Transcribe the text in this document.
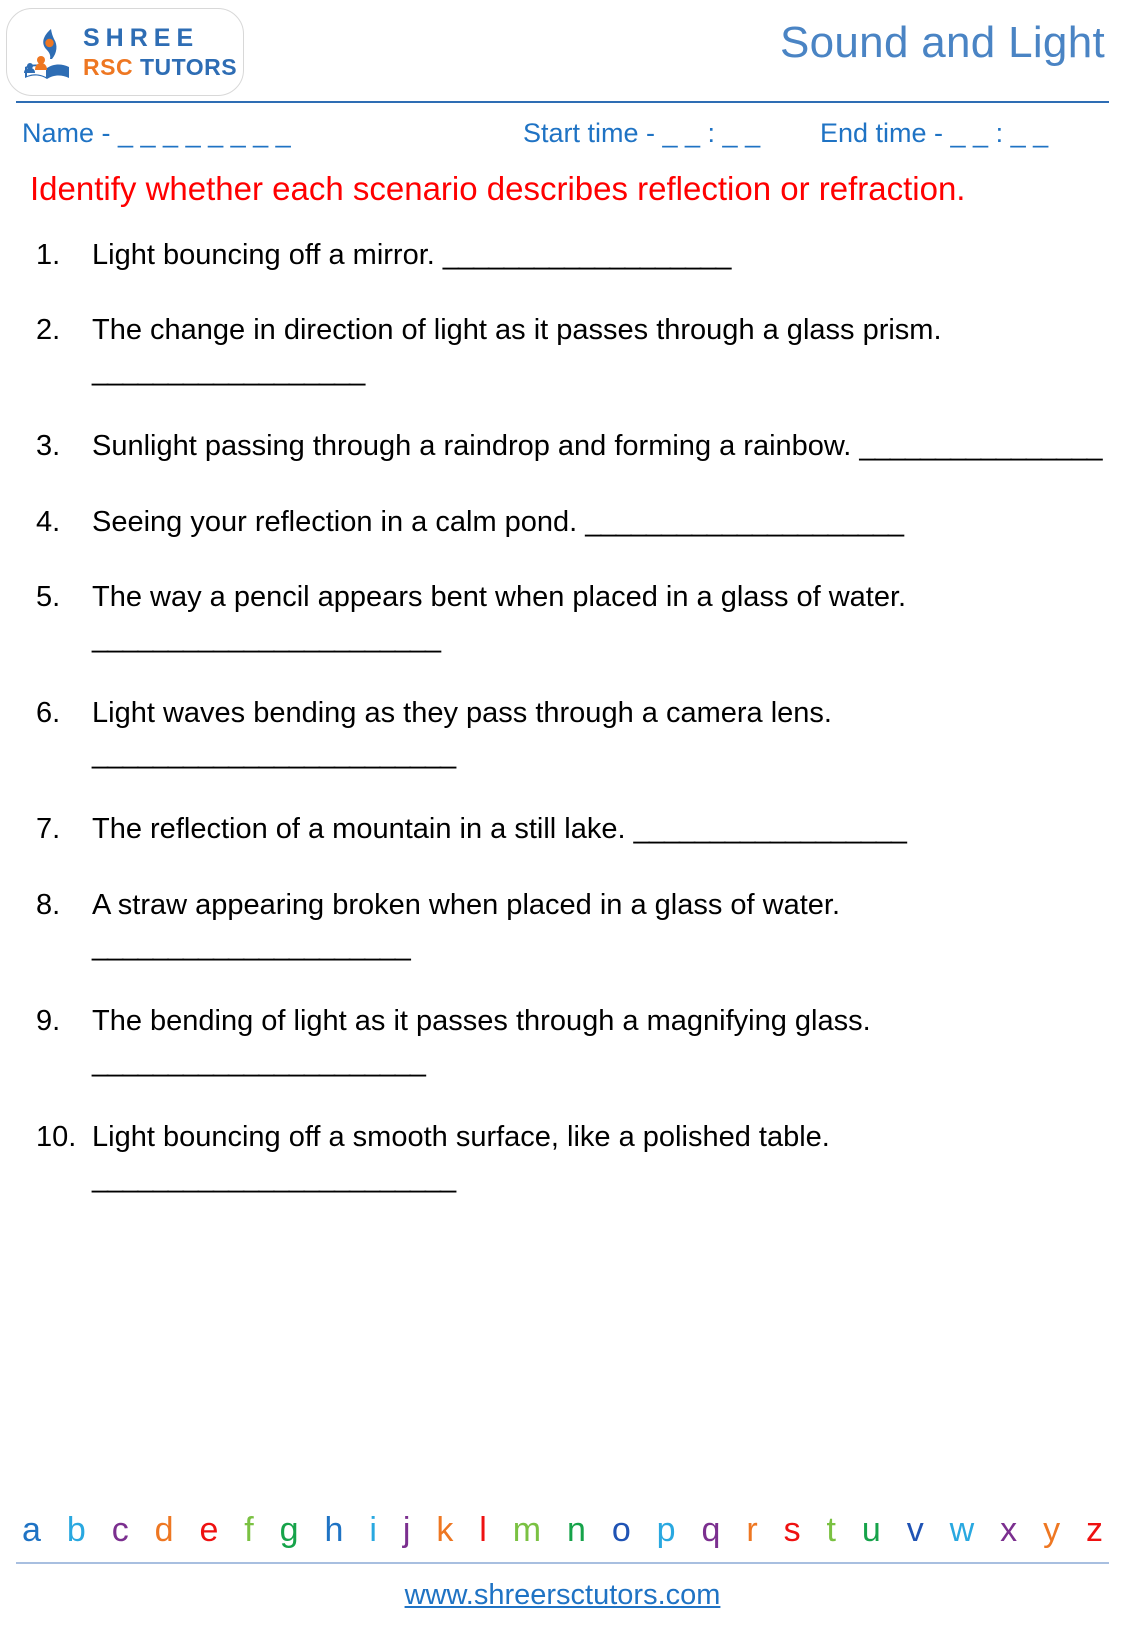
SHREE
RSC TUTORS	Sound and Light
Name - _ _ _ _ _ _ _ _	Start time - _ _ : _ _ End time - _ _ : _ _
Identify whether each scenario describes reflection or refraction.
1.	Light bouncing off a mirror. ___________________
2.	The change in direction of light as it passes through a glass prism. __________________
3.	Sunlight passing through a raindrop and forming a rainbow. ________________
4.	Seeing your reflection in a calm pond. _____________________
5.	The way a pencil appears bent when placed in a glass of water. _______________________
6.	Light waves bending as they pass through a camera lens. ________________________
7.	The reflection of a mountain in a still lake. __________________
8.	A straw appearing broken when placed in a glass of water. _____________________
9.	The bending of light as it passes through a magnifying glass. ______________________
10. Light bouncing off a smooth surface, like a polished table. ________________________
a b c d e f g h i j k l m n o p q r s t u v w x y z
www.shreersctutors.com
